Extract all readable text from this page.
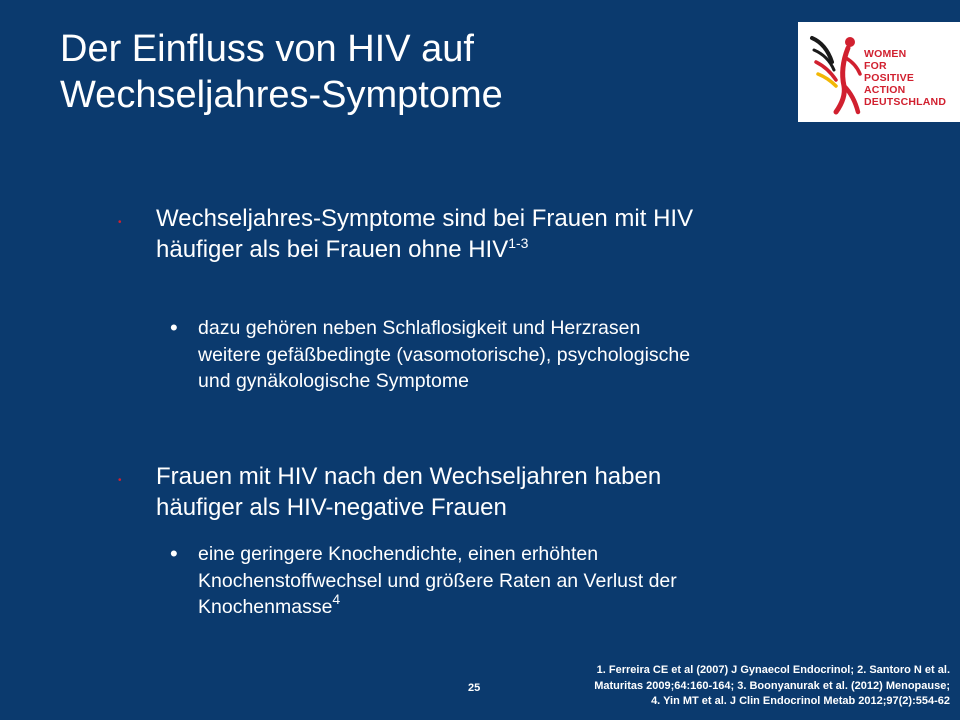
Der Einfluss von HIV auf
Wechseljahres-Symptome
WOMEN
FOR
POSITIVE
ACTION
DEUTSCHLAND
• Wechseljahres-Symptome sind bei Frauen mit HIV
häufiger als bei Frauen ohne HIV$^{1-3}$
• dazu gehören neben Schlaflosigkeit und Herzrasen
weitere gefäßbedingte (vasomotorische), psychologische
und gynäkologische Symptome
• Frauen mit HIV nach den Wechseljahren haben
häufiger als HIV-negative Frauen
• eine geringere Knochendichte, einen erhöhten
Knochenstoffwechsel und größere Raten an Verlust der
Knochenmasse$^4$
25
1. Ferreira CE et al (2007) J Gynaecol Endocrinol; 2. Santoro N et al.
Maturitas 2009;64:160-164; 3. Boonyanurak et al. (2012) Menopause;
4. Yin MT et al. J Clin Endocrinol Metab 2012;97(2):554-62
